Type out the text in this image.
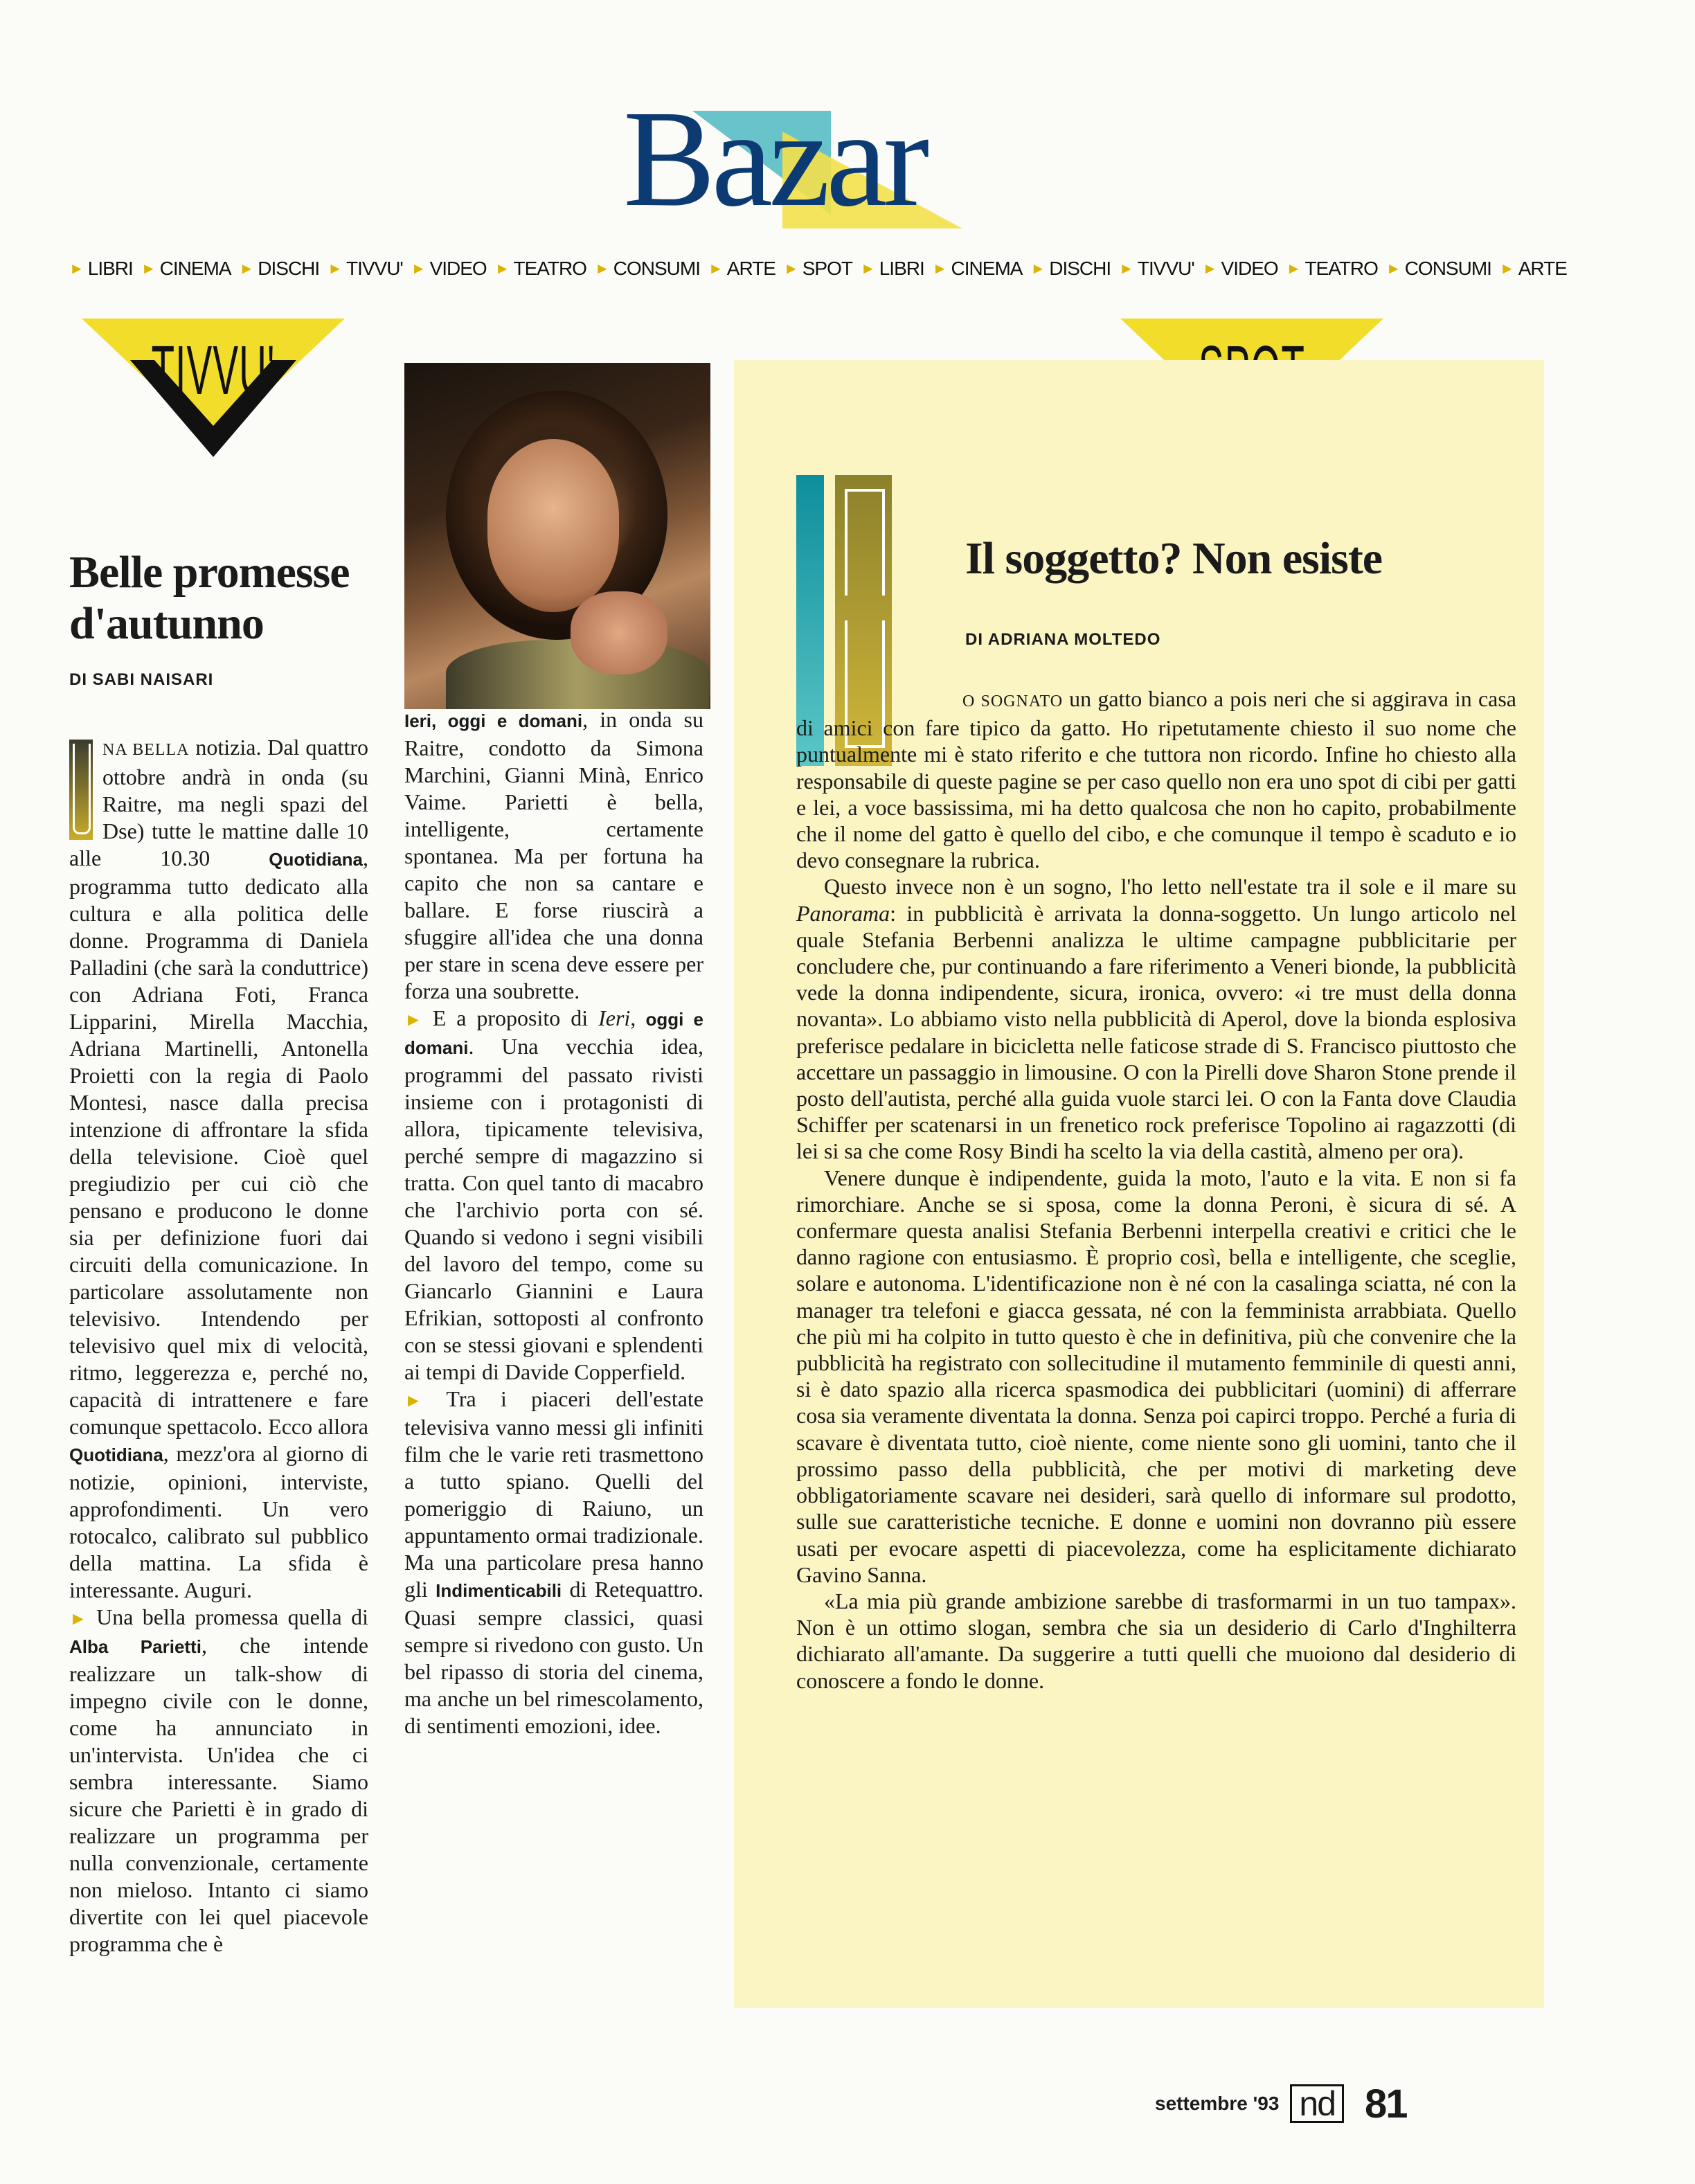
Bazar
► LIBRI ► CINEMA ► DISCHI ► TIVVU' ► VIDEO ► TEATRO ► CONSUMI ► ARTE ► SPOT ► LIBRI ► CINEMA ► DISCHI ► TIVVU' ► VIDEO ► TEATRO ► CONSUMI ► ARTE
TIVVU'
Belle promesse d'autunno
DI SABI NAISARI

NA BELLA notizia. Dal quattro ottobre andrà in onda (su Raitre, ma negli spazi del Dse) tutte le mattine dalle 10 alle 10.30 Quotidiana, programma tutto dedicato alla cultura e alla politica delle donne. Programma di Daniela Palladini (che sarà la conduttrice) con Adriana Foti, Franca Lipparini, Mirella Macchia, Adriana Martinelli, Antonella Proietti con la regia di Paolo Montesi, nasce dalla precisa intenzione di affrontare la sfida della televisione. Cioè quel pregiudizio per cui ciò che pensano e producono le donne sia per definizione fuori dai circuiti della comunicazione. In particolare assolutamente non televisivo. Intendendo per televisivo quel mix di velocità, ritmo, leggerezza e, perché no, capacità di intrattenere e fare comunque spettacolo. Ecco allora Quotidiana, mezz'ora al giorno di notizie, opinioni, interviste, approfondimenti. Un vero rotocalco, calibrato sul pubblico della mattina. La sfida è interessante. Auguri.

► Una bella promessa quella di Alba Parietti, che intende realizzare un talk-show di impegno civile con le donne, come ha annunciato in un'intervista. Un'idea che ci sembra interessante. Siamo sicure che Parietti è in grado di realizzare un programma per nulla convenzionale, certamente non mieloso. Intanto ci siamo divertite con lei quel piacevole programma che è

Ieri, oggi e domani, in onda su Raitre, condotto da Simona Marchini, Gianni Minà, Enrico Vaime. Parietti è bella, intelligente, certamente spontanea. Ma per fortuna ha capito che non sa cantare e ballare. E forse riuscirà a sfuggire all'idea che una donna per stare in scena deve essere per forza una soubrette.

► E a proposito di Ieri, oggi e domani. Una vecchia idea, programmi del passato rivisti insieme con i protagonisti di allora, tipicamente televisiva, perché sempre di magazzino si tratta. Con quel tanto di macabro che l'archivio porta con sé. Quando si vedono i segni visibili del lavoro del tempo, come su Giancarlo Giannini e Laura Efrikian, sottoposti al confronto con se stessi giovani e splendenti ai tempi di Davide Copperfield.

► Tra i piaceri dell'estate televisiva vanno messi gli infiniti film che le varie reti trasmettono a tutto spiano. Quelli del pomeriggio di Raiuno, un appuntamento ormai tradizionale. Ma una particolare presa hanno gli Indimenticabili di Retequattro. Quasi sempre classici, quasi sempre si rivedono con gusto. Un bel ripasso di storia del cinema, ma anche un bel rimescolamento, di sentimenti emozioni, idee.

Il soggetto? Non esiste
DI ADRIANA MOLTEDO

O SOGNATO un gatto bianco a pois neri che si aggirava in casa di amici con fare tipico da gatto. Ho ripetutamente chiesto il suo nome che puntualmente mi è stato riferito e che tuttora non ricordo. Infine ho chiesto alla responsabile di queste pagine se per caso quello non era uno spot di cibi per gatti e lei, a voce bassissima, mi ha detto qualcosa che non ho capito, probabilmente che il nome del gatto è quello del cibo, e che comunque il tempo è scaduto e io devo consegnare la rubrica.

Questo invece non è un sogno, l'ho letto nell'estate tra il sole e il mare su Panorama: in pubblicità è arrivata la donna-soggetto. Un lungo articolo nel quale Stefania Berbenni analizza le ultime campagne pubblicitarie per concludere che, pur continuando a fare riferimento a Veneri bionde, la pubblicità vede la donna indipendente, sicura, ironica, ovvero: «i tre must della donna novanta». Lo abbiamo visto nella pubblicità di Aperol, dove la bionda esplosiva preferisce pedalare in bicicletta nelle faticose strade di S. Francisco piuttosto che accettare un passaggio in limousine. O con la Pirelli dove Sharon Stone prende il posto dell'autista, perché alla guida vuole starci lei. O con la Fanta dove Claudia Schiffer per scatenarsi in un frenetico rock preferisce Topolino ai ragazzotti (di lei si sa che come Rosy Bindi ha scelto la via della castità, almeno per ora).

Venere dunque è indipendente, guida la moto, l'auto e la vita. E non si fa rimorchiare. Anche se si sposa, come la donna Peroni, è sicura di sé. A confermare questa analisi Stefania Berbenni interpella creativi e critici che le danno ragione con entusiasmo. È proprio così, bella e intelligente, che sceglie, solare e autonoma. L'identificazione non è né con la casalinga sciatta, né con la manager tra telefoni e giacca gessata, né con la femminista arrabbiata. Quello che più mi ha colpito in tutto questo è che in definitiva, più che convenire che la pubblicità ha registrato con sollecitudine il mutamento femminile di questi anni, si è dato spazio alla ricerca spasmodica dei pubblicitari (uomini) di afferrare cosa sia veramente diventata la donna. Senza poi capirci troppo. Perché a furia di scavare è diventata tutto, cioè niente, come niente sono gli uomini, tanto che il prossimo passo della pubblicità, che per motivi di marketing deve obbligatoriamente scavare nei desideri, sarà quello di informare sul prodotto, sulle sue caratteristiche tecniche. E donne e uomini non dovranno più essere usati per evocare aspetti di piacevolezza, come ha esplicitamente dichiarato Gavino Sanna.

«La mia più grande ambizione sarebbe di trasformarmi in un tuo tampax». Non è un ottimo slogan, sembra che sia un desiderio di Carlo d'Inghilterra dichiarato all'amante. Da suggerire a tutti quelli che muoiono dal desiderio di conoscere a fondo le donne.

settembre '93 nd 81
